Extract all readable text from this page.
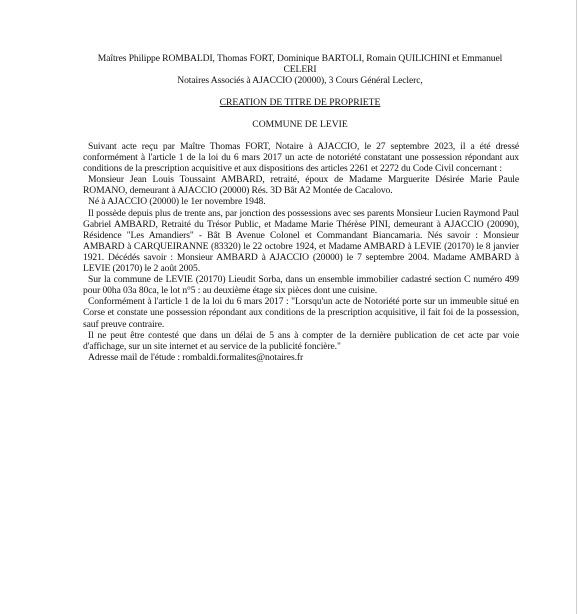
Maîtres Philippe ROMBALDI, Thomas FORT, Dominique BARTOLI, Romain QUILICHINI et Emmanuel
CELERI
Notaires Associés à AJACCIO (20000), 3 Cours Général Leclerc,
CREATION DE TITRE DE PROPRIETE
COMMUNE DE LEVIE

Suivant acte reçu par Maître Thomas FORT, Notaire à AJACCIO, le 27 septembre 2023, il a été dressé conformément à l'article 1 de la loi du 6 mars 2017 un acte de notoriété constatant une possession répondant aux conditions de la prescription acquisitive et aux dispositions des articles 2261 et 2272 du Code Civil concernant :

Monsieur Jean Louis Toussaint AMBARD, retraité, époux de Madame Marguerite Désirée Marie Paule ROMANO, demeurant à AJACCIO (20000) Rés. 3D Bât A2 Montée de Cacalovo.

Né à AJACCIO (20000) le 1er novembre 1948.

Il possède depuis plus de trente ans, par jonction des possessions avec ses parents Monsieur Lucien Raymond Paul Gabriel AMBARD, Retraité du Trésor Public, et Madame Marie Thérèse PINI, demeurant à AJACCIO (20090), Résidence "Les Amandiers" - Bât B Avenue Colonel et Commandant Biancamaria. Nés savoir : Monsieur AMBARD à CARQUEIRANNE (83320) le 22 octobre 1924, et Madame AMBARD à LEVIE (20170) le 8 janvier 1921. Décédés savoir : Monsieur AMBARD à AJACCIO (20000) le 7 septembre 2004. Madame AMBARD à LEVIE (20170) le 2 août 2005.

Sur la commune de LEVIE (20170) Lieudit Sorba, dans un ensemble immobilier cadastré section C numéro 499 pour 00ha 03a 80ca, le lot n°5 : au deuxième étage six pièces dont une cuisine.

Conformément à l'article 1 de la loi du 6 mars 2017 : "Lorsqu'un acte de Notoriété porte sur un immeuble situé en Corse et constate une possession répondant aux conditions de la prescription acquisitive, il fait foi de la possession, sauf preuve contraire.

Il ne peut être contesté que dans un délai de 5 ans à compter de la dernière publication de cet acte par voie d'affichage, sur un site internet et au service de la publicité foncière."

Adresse mail de l'étude : rombaldi.formalites@notaires.fr
